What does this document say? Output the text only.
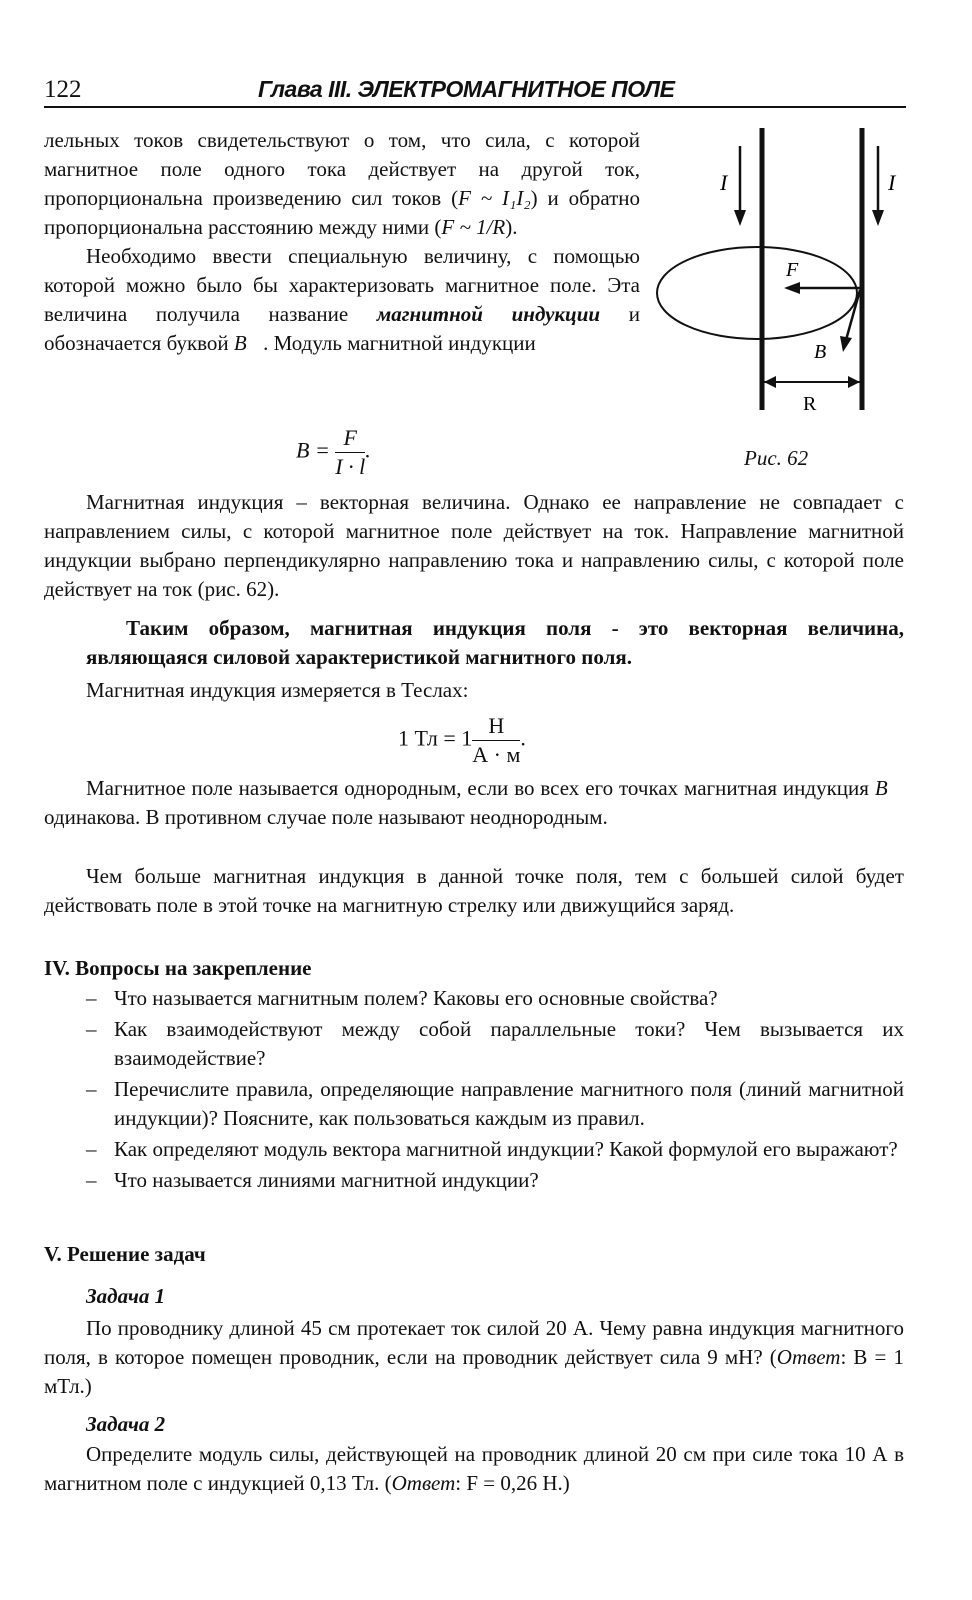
122	Глава III. ЭЛЕКТРОМАГНИТНОЕ ПОЛЕ

лельных токов свидетельствуют о том, что сила, с которой магнитное поле одного тока действует на другой ток, пропорциональна произведению сил токов (F ~ I₁I₂) и обратно пропорциональна расстоянию между ними (F ~ 1/R).

Необходимо ввести специальную величину, с помощью которой можно было бы характеризовать магнитное поле. Эта величина получила название магнитной индукции и обозначается буквой B⃗. Модуль магнитной индукции

$B = \frac{F}{I \cdot l}$ .
I	I
F⃗
B⃗
R
Рис. 62

Магнитная индукция – векторная величина. Однако ее направление не совпадает с направлением силы, с которой магнитное поле действует на ток. Направление магнитной индукции выбрано перпендикулярно направлению тока и направлению силы, с которой поле действует на ток (рис. 62).

Таким образом, магнитная индукция поля - это векторная величина, являющаяся силовой характеристикой магнитного поля.
Магнитная индукция измеряется в Теслах:
1 Тл = $1 \frac{Н}{А \cdot м}$ .

Магнитное поле называется однородным, если во всех его точках магнитная индукция B⃗ одинакова. В противном случае поле называют неоднородным.

Чем больше магнитная индукция в данной точке поля, тем с большей силой будет действовать поле в этой точке на магнитную стрелку или движущийся заряд.

IV. Вопросы на закрепление
– Что называется магнитным полем? Каковы его основные свойства?
– Как взаимодействуют между собой параллельные токи? Чем вызывается их взаимодействие?
– Перечислите правила, определяющие направление магнитного поля (линий магнитной индукции)? Поясните, как пользоваться каждым из правил.
– Как определяют модуль вектора магнитной индукции? Какой формулой его выражают?
– Что называется линиями магнитной индукции?
V. Решение задач
Задача 1

По проводнику длиной 45 см протекает ток силой 20 А. Чему равна индукция магнитного поля, в которое помещен проводник, если на проводник действует сила 9 мН? (Ответ: B = 1 мТл.)

Задача 2

Определите модуль силы, действующей на проводник длиной 20 см при силе тока 10 А в магнитном поле с индукцией 0,13 Тл. (Ответ: F = 0,26 Н.)
